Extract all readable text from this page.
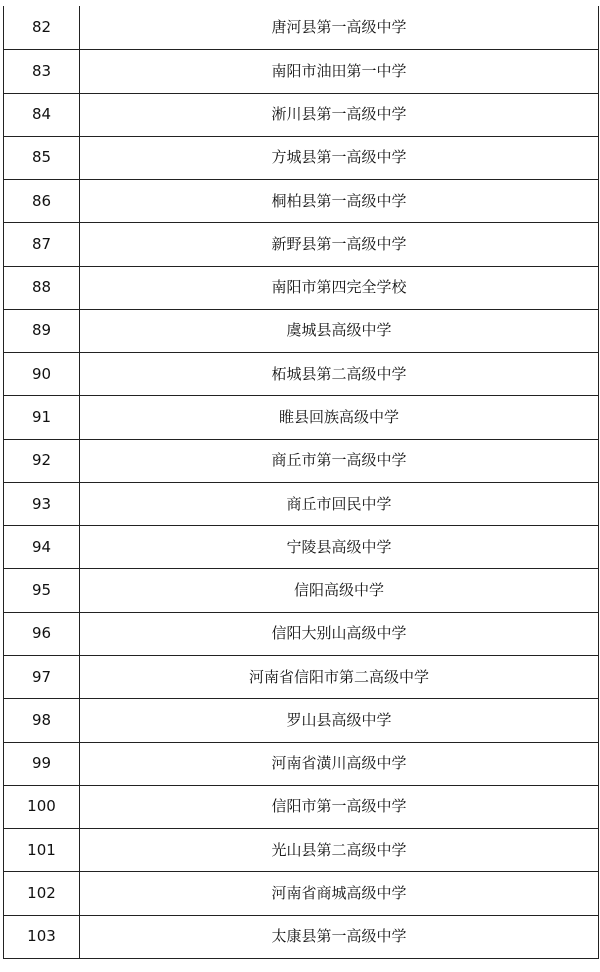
82	唐河县第一高级中学
83	南阳市油田第一中学
84	淅川县第一高级中学
85	方城县第一高级中学
86	桐柏县第一高级中学
87	新野县第一高级中学
88	南阳市第四完全学校
89	虞城县高级中学
90	柘城县第二高级中学
91	睢县回族高级中学
92	商丘市第一高级中学
93	商丘市回民中学
94	宁陵县高级中学
95	信阳高级中学
96	信阳大别山高级中学
97	河南省信阳市第二高级中学
98	罗山县高级中学
99	河南省潢川高级中学
100	信阳市第一高级中学
101	光山县第二高级中学
102	河南省商城高级中学
103	太康县第一高级中学
